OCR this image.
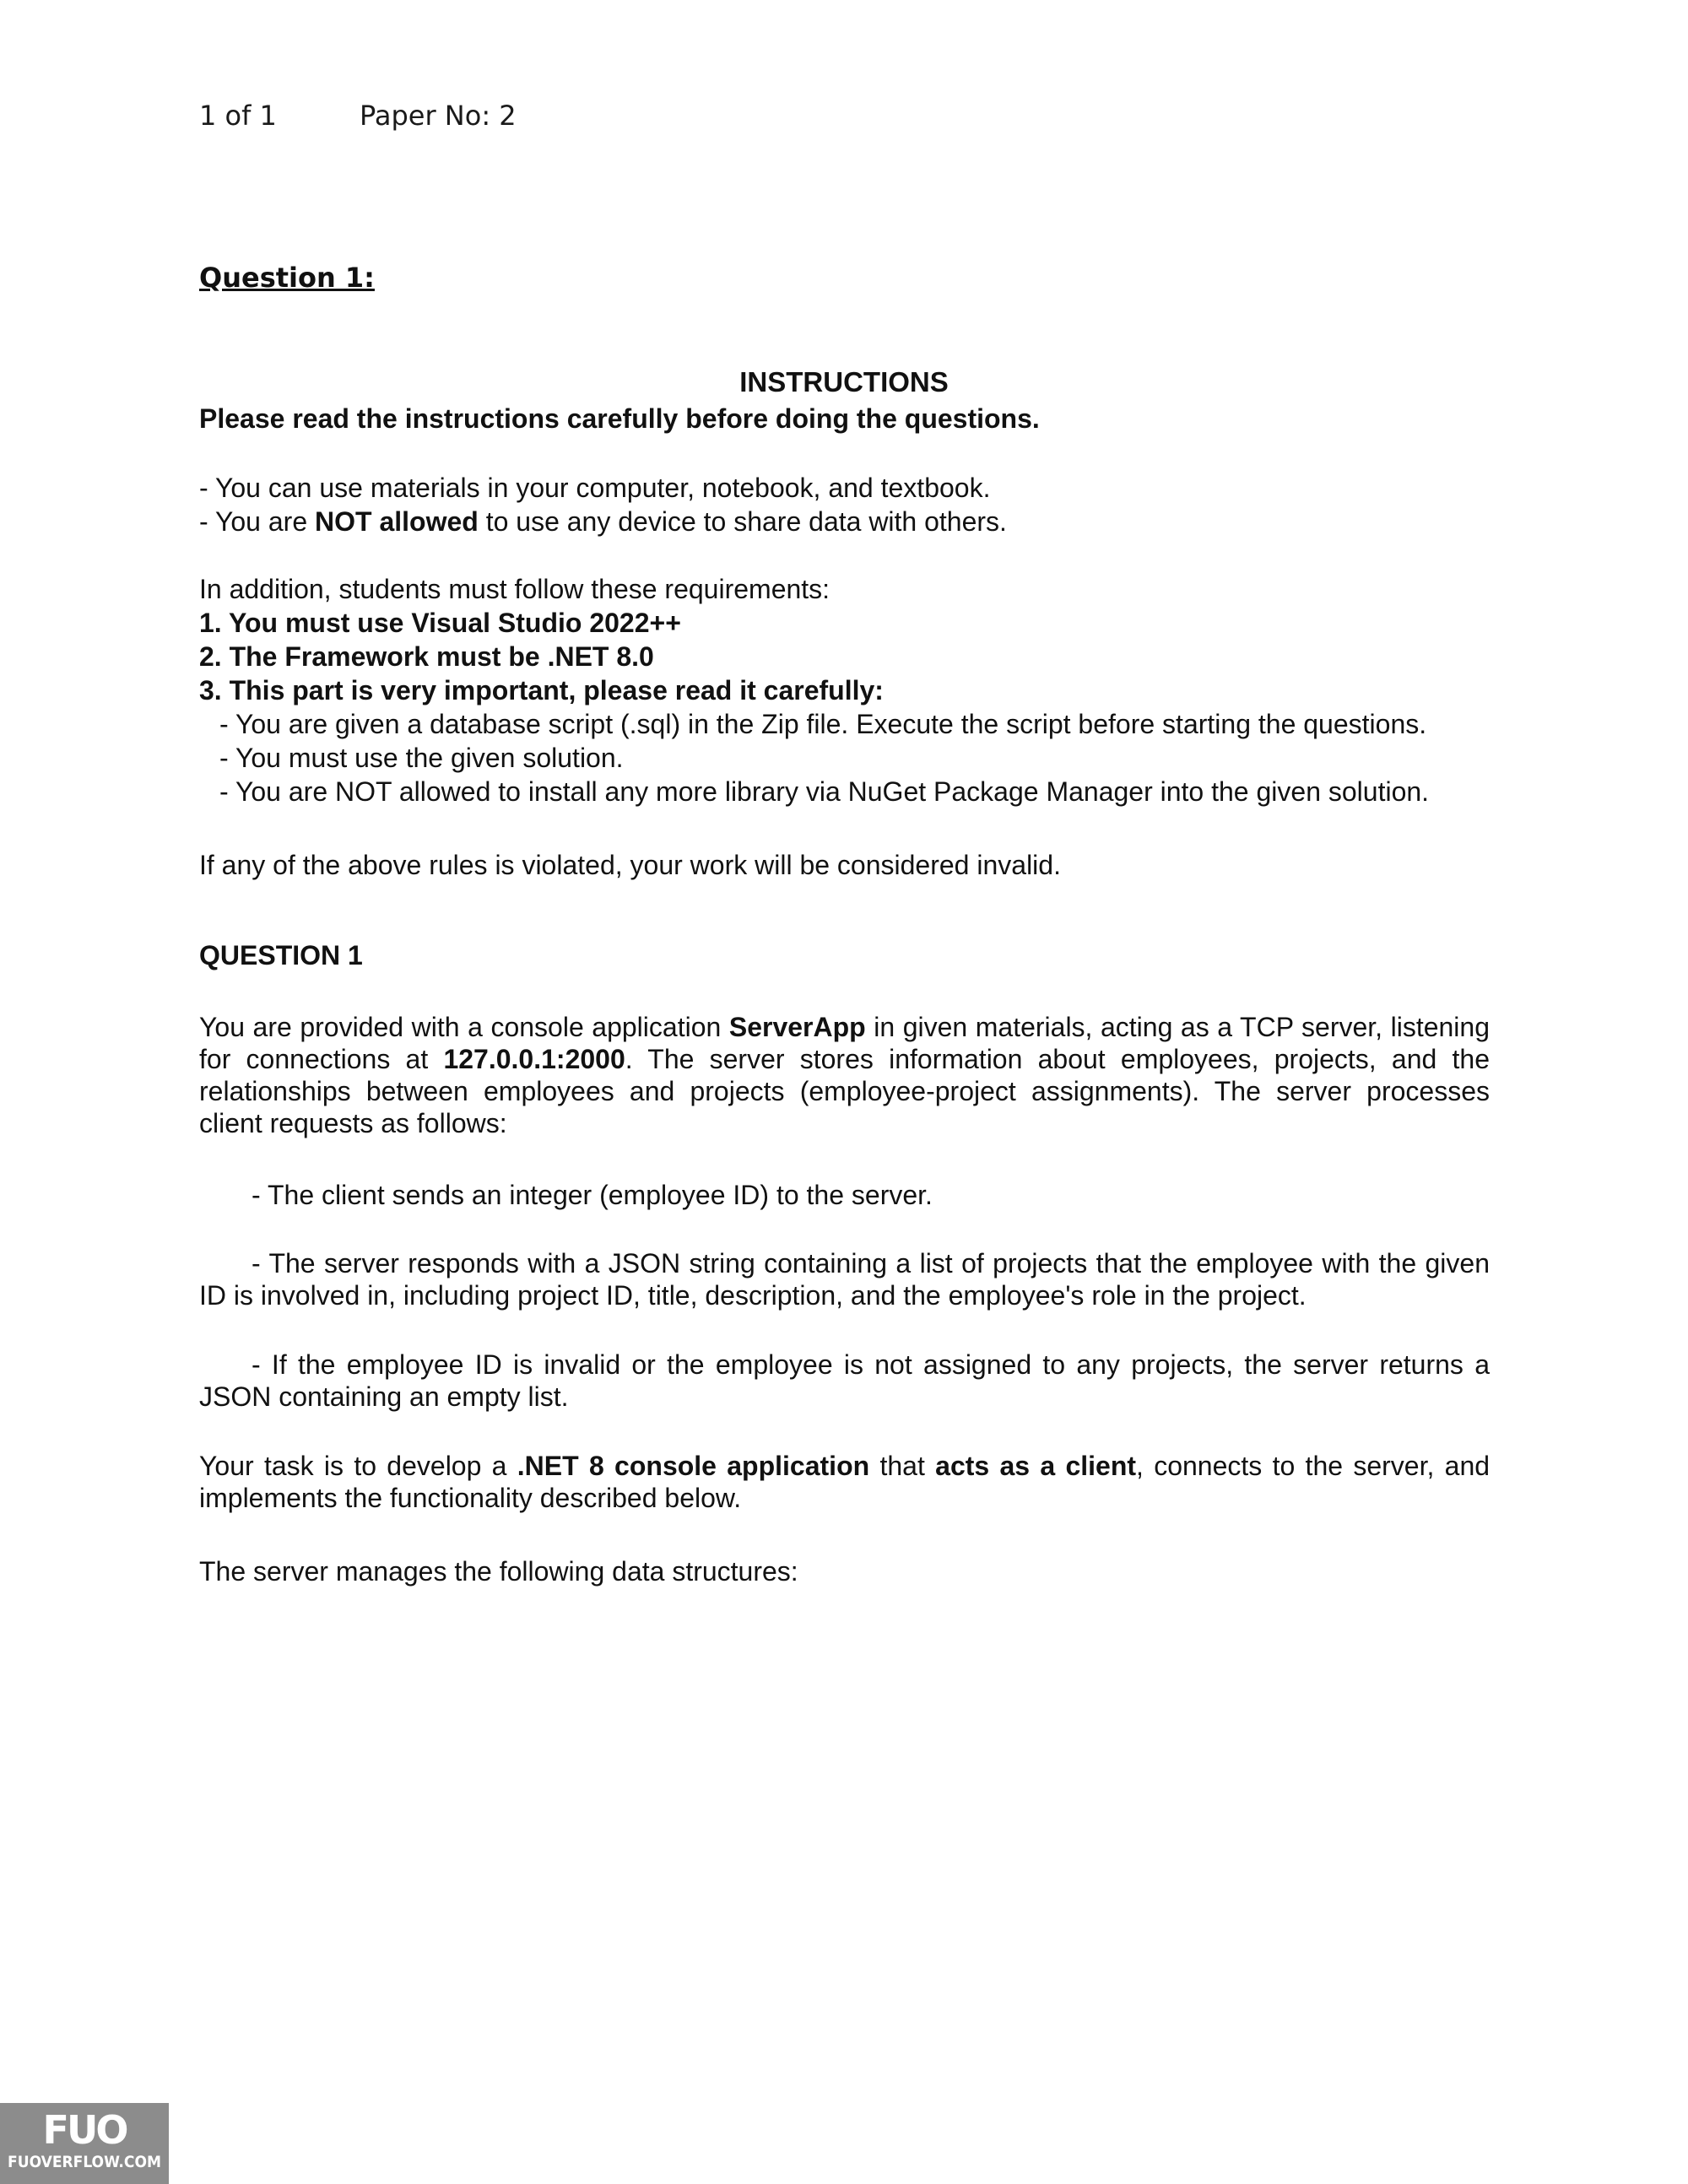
1 of 1	Paper No: 2
Question 1:
INSTRUCTIONS
Please read the instructions carefully before doing the questions.

- You can use materials in your computer, notebook, and textbook.

- You are NOT allowed to use any device to share data with others.

In addition, students must follow these requirements:

1. You must use Visual Studio 2022++

2. The Framework must be .NET 8.0

3. This part is very important, please read it carefully:

- You are given a database script (.sql) in the Zip file. Execute the script before starting the questions.

- You must use the given solution.

- You are NOT allowed to install any more library via NuGet Package Manager into the given solution.

If any of the above rules is violated, your work will be considered invalid.
QUESTION 1
You are provided with a console application ServerApp in given materials, acting as a TCP server, listening for connections at 127.0.0.1:2000. The server stores information about employees, projects, and the relationships between employees and projects (employee-project assignments). The server processes client requests as follows:
- The client sends an integer (employee ID) to the server.
- The server responds with a JSON string containing a list of projects that the employee with the given ID is involved in, including project ID, title, description, and the employee's role in the project.
- If the employee ID is invalid or the employee is not assigned to any projects, the server returns a JSON containing an empty list.
Your task is to develop a .NET 8 console application that acts as a client, connects to the server, and implements the functionality described below.
The server manages the following data structures:
FUO
FUOVERFLOW.COM
